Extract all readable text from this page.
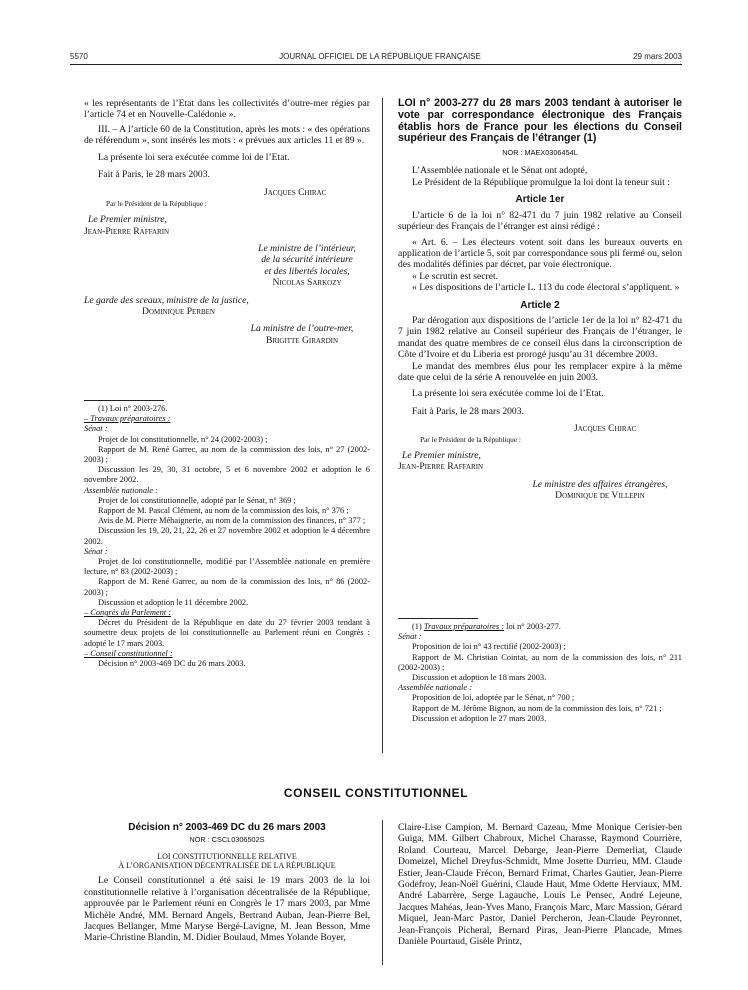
5570	JOURNAL OFFICIEL DE LA RÉPUBLIQUE FRANÇAISE	29 mars 2003

« les représentants de l’Etat dans les collectivités d’outre-mer régies par l’article 74 et en Nouvelle-Calédonie ».

III. – A l’article 60 de la Constitution, après les mots : « des opérations de référendum », sont insérés les mots : « prévues aux articles 11 et 89 ».

La présente loi sera exécutée comme loi de l’Etat.

Fait à Paris, le 28 mars 2003.

Jacques Chirac

Par le Président de la République :

Le Premier ministre,

Jean-Pierre Raffarin

Le ministre de l’intérieur,

de la sécurité intérieure

et des libertés locales,

Nicolas Sarkozy

Le garde des sceaux, ministre de la justice,

Dominique Perben

La ministre de l’outre-mer,

Brigitte Girardin

(1) Loi n° 2003-276.

– Travaux préparatoires :

Sénat :

Projet de loi constitutionnelle, n° 24 (2002-2003) ;

Rapport de M. René Garrec, au nom de la commission des lois, n° 27 (2002-2003) ;

Discussion les 29, 30, 31 octobre, 5 et 6 novembre 2002 et adoption le 6 novembre 2002.

Assemblée nationale :

Projet de loi constitutionnelle, adopté par le Sénat, n° 369 ;

Rapport de M. Pascal Clément, au nom de la commission des lois, n° 376 ;

Avis de M. Pierre Méhaignerie, au nom de la commission des finances, n° 377 ;

Discussion les 19, 20, 21, 22, 26 et 27 novembre 2002 et adoption le 4 décembre 2002.

Sénat :

Projet de loi constitutionnelle, modifié par l’Assemblée nationale en première lecture, n° 83 (2002-2003) ;

Rapport de M. René Garrec, au nom de la commission des lois, n° 86 (2002-2003) ;

Discussion et adoption le 11 décembre 2002.

– Congrès du Parlement :

Décret du Président de la République en date du 27 février 2003 tendant à soumettre deux projets de loi constitutionnelle au Parlement réuni en Congrès : adopté le 17 mars 2003.

– Conseil constitutionnel :

Décision n° 2003-469 DC du 26 mars 2003.

LOI n° 2003-277 du 28 mars 2003 tendant à autoriser le vote par correspondance électronique des Français établis hors de France pour les élections du Conseil supérieur des Français de l’étranger (1)

NOR : MAEX0306454L

L’Assemblée nationale et le Sénat ont adopté,

Le Président de la République promulgue la loi dont la teneur suit :

Article 1er

L’article 6 de la loi n° 82-471 du 7 juin 1982 relative au Conseil supérieur des Français de l’étranger est ainsi rédigé :

« Art. 6. – Les électeurs votent soit dans les bureaux ouverts en application de l’article 5, soit par correspondance sous pli fermé ou, selon des modalités définies par décret, par voie électronique.

« Le scrutin est secret.

« Les dispositions de l’article L. 113 du code électoral s’appliquent. »

Article 2

Par dérogation aux dispositions de l’article 1er de la loi n° 82-471 du 7 juin 1982 relative au Conseil supérieur des Français de l’étranger, le mandat des quatre membres de ce conseil élus dans la circonscription de Côte d’Ivoire et du Liberia est prorogé jusqu’au 31 décembre 2003.

Le mandat des membres élus pour les remplacer expire à la même date que celui de la série A renouvelée en juin 2003.

La présente loi sera exécutée comme loi de l’Etat.

Fait à Paris, le 28 mars 2003.

Jacques Chirac

Par le Président de la République :

Le Premier ministre,

Jean-Pierre Raffarin

Le ministre des affaires étrangères,

Dominique de Villepin

(1) Travaux préparatoires : loi n° 2003-277.

Sénat :

Proposition de loi n° 43 rectifié (2002-2003) ;

Rapport de M. Christian Cointat, au nom de la commission des lois, n° 211 (2002-2003) ;

Discussion et adoption le 18 mars 2003.

Assemblée nationale :

Proposition de loi, adoptée par le Sénat, n° 700 ;

Rapport de M. Jérôme Bignon, au nom de la commission des lois, n° 721 ;

Discussion et adoption le 27 mars 2003.

CONSEIL CONSTITUTIONNEL

Décision n° 2003-469 DC du 26 mars 2003

NOR : CSCL0306502S

LOI CONSTITUTIONNELLE RELATIVE

À L’ORGANISATION DÉCENTRALISÉE DE LA RÉPUBLIQUE

Le Conseil constitutionnel a été saisi le 19 mars 2003 de la loi constitutionnelle relative à l’organisation décentralisée de la République, approuvée par le Parlement réuni en Congrès le 17 mars 2003, par Mme Michèle André, MM. Bernard Angels, Bertrand Auban, Jean-Pierre Bel, Jacques Bellanger, Mme Maryse Bergé-Lavigne, M. Jean Besson, Mme Marie-Christine Blandin, M. Didier Boulaud, Mmes Yolande Boyer,

Claire-Lise Campion, M. Bernard Cazeau, Mme Monique Cerisier-ben Guiga, MM. Gilbert Chabroux, Michel Charasse, Raymond Courrière, Roland Courteau, Marcel Debarge, Jean-Pierre Demerliat, Claude Domeizel, Michel Dreyfus-Schmidt, Mme Josette Durrieu, MM. Claude Estier, Jean-Claude Frécon, Bernard Frimat, Charles Gautier, Jean-Pierre Godefroy, Jean-Noël Guérini, Claude Haut, Mme Odette Herviaux, MM. André Labarrère, Serge Lagauche, Louis Le Pensec, André Lejeune, Jacques Mahéas, Jean-Yves Mano, François Marc, Marc Massion, Gérard Miquel, Jean-Marc Pastor, Daniel Percheron, Jean-Claude Peyronnet, Jean-François Picheral, Bernard Piras, Jean-Pierre Plancade, Mmes Danièle Pourtaud, Gisèle Printz,
